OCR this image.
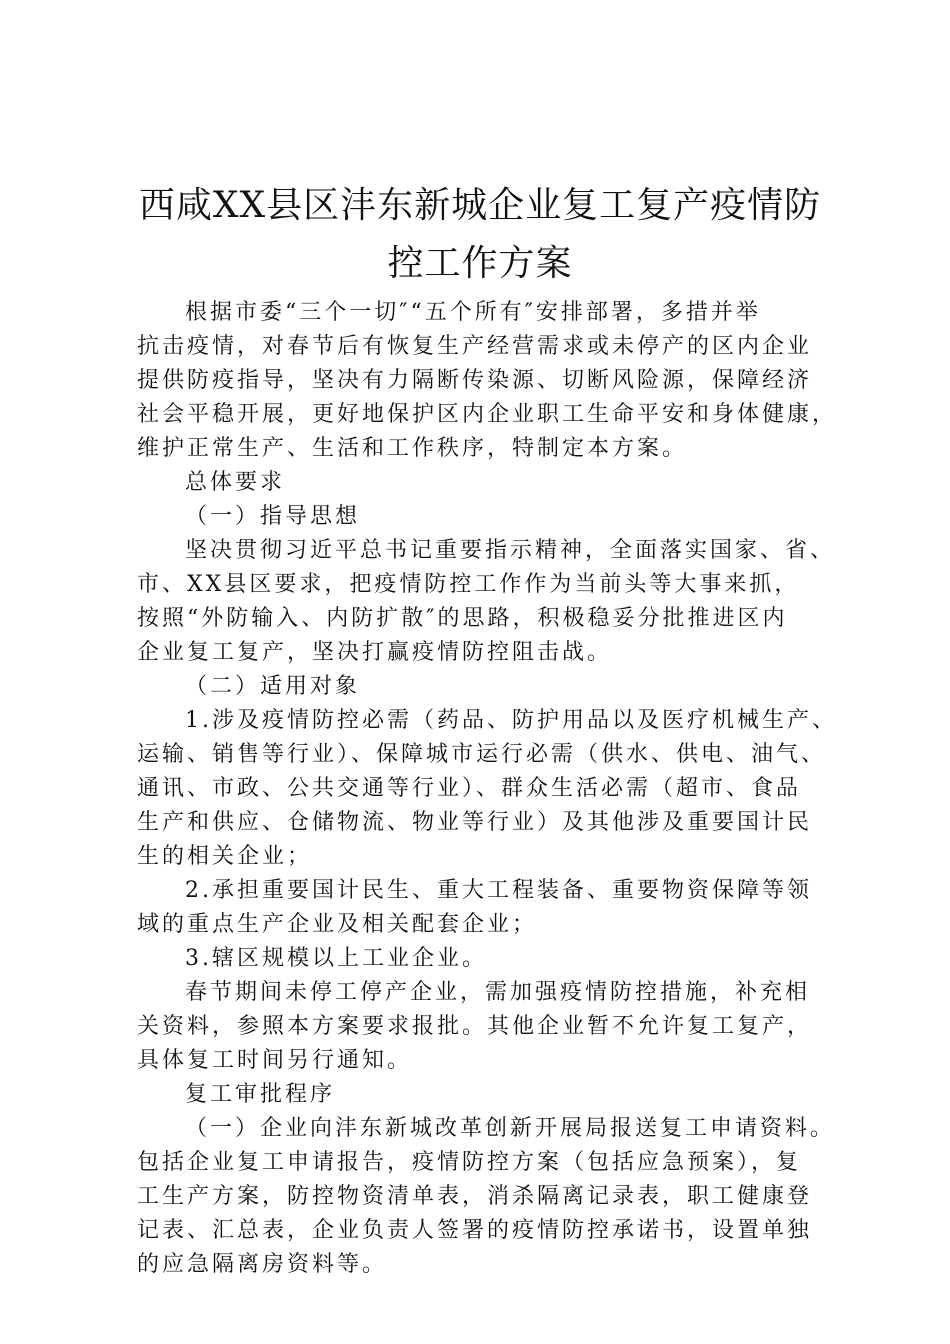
西咸XX县区沣东新城企业复工复产疫情防
控工作方案

根据市委“三个一切″“五个所有″安排部署，多措并举
抗击疫情，对春节后有恢复生产经营需求或未停产的区内企业
提供防疫指导，坚决有力隔断传染源、切断风险源，保障经济
社会平稳开展，更好地保护区内企业职工生命平安和身体健康，
维护正常生产、生活和工作秩序，特制定本方案。

总体要求

（一）指导思想

坚决贯彻习近平总书记重要指示精神，全面落实国家、省、
市、XX县区要求，把疫情防控工作作为当前头等大事来抓，
按照“外防输入、内防扩散″的思路，积极稳妥分批推进区内
企业复工复产，坚决打赢疫情防控阻击战。

（二）适用对象

1.涉及疫情防控必需（药品、防护用品以及医疗机械生产、
运输、销售等行业）、保障城市运行必需（供水、供电、油气、
通讯、市政、公共交通等行业）、群众生活必需（超市、食品
生产和供应、仓储物流、物业等行业）及其他涉及重要国计民
生的相关企业；

2.承担重要国计民生、重大工程装备、重要物资保障等领
域的重点生产企业及相关配套企业；

3.辖区规模以上工业企业。

春节期间未停工停产企业，需加强疫情防控措施，补充相
关资料，参照本方案要求报批。其他企业暂不允许复工复产，
具体复工时间另行通知。

复工审批程序

（一）企业向沣东新城改革创新开展局报送复工申请资料。
包括企业复工申请报告，疫情防控方案（包括应急预案），复
工生产方案，防控物资清单表，消杀隔离记录表，职工健康登
记表、汇总表，企业负责人签署的疫情防控承诺书，设置单独
的应急隔离房资料等。
